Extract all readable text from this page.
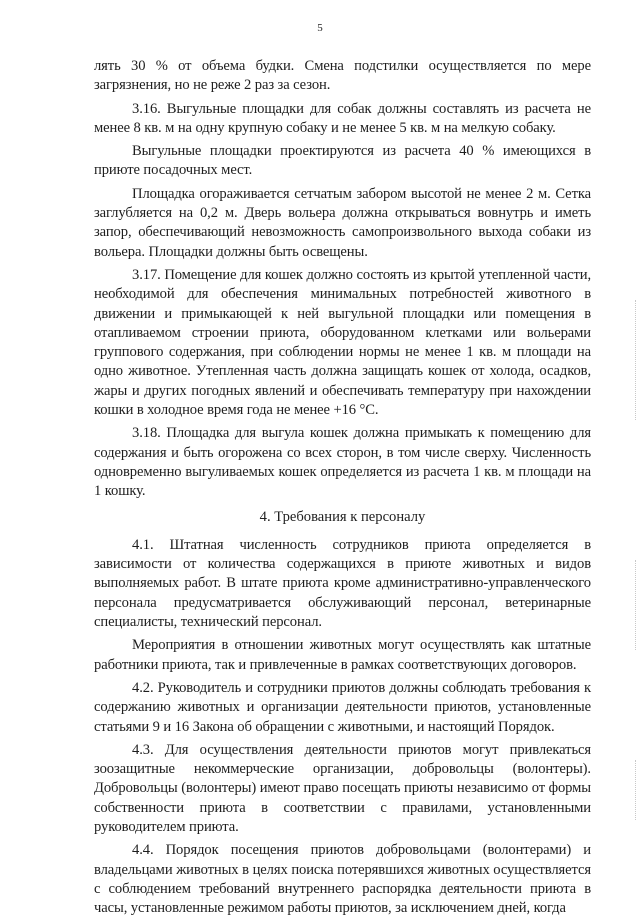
5

лять 30 % от объема будки. Смена подстилки осуществляется по мере загрязнения, но не реже 2 раз за сезон.

3.16. Выгульные площадки для собак должны составлять из расчета не менее 8 кв. м на одну крупную собаку и не менее 5 кв. м на мелкую собаку.

Выгульные площадки проектируются из расчета 40 % имеющихся в приюте посадочных мест.

Площадка огораживается сетчатым забором высотой не менее 2 м. Сетка заглубляется на 0,2 м. Дверь вольера должна открываться вовнутрь и иметь запор, обеспечивающий невозможность самопроизвольного выхода собаки из вольера. Площадки должны быть освещены.

3.17. Помещение для кошек должно состоять из крытой утепленной части, необходимой для обеспечения минимальных потребностей животного в движении и примыкающей к ней выгульной площадки или помещения в отапливаемом строении приюта, оборудованном клетками или вольерами группового содержания, при соблюдении нормы не менее 1 кв. м площади на одно животное. Утепленная часть должна защищать кошек от холода, осадков, жары и других погодных явлений и обеспечивать температуру при нахождении кошки в холодное время года не менее +16 °С.

3.18. Площадка для выгула кошек должна примыкать к помещению для содержания и быть огорожена со всех сторон, в том числе сверху. Численность одновременно выгуливаемых кошек определяется из расчета 1 кв. м площади на 1 кошку.

4. Требования к персоналу

4.1. Штатная численность сотрудников приюта определяется в зависимости от количества содержащихся в приюте животных и видов выполняемых работ. В штате приюта кроме административно-управленческого персонала предусматривается обслуживающий персонал, ветеринарные специалисты, технический персонал.

Мероприятия в отношении животных могут осуществлять как штатные работники приюта, так и привлеченные в рамках соответствующих договоров.

4.2. Руководитель и сотрудники приютов должны соблюдать требования к содержанию животных и организации деятельности приютов, установленные статьями 9 и 16 Закона об обращении с животными, и настоящий Порядок.

4.3. Для осуществления деятельности приютов могут привлекаться зоозащитные некоммерческие организации, добровольцы (волонтеры). Добровольцы (волонтеры) имеют право посещать приюты независимо от формы собственности приюта в соответствии с правилами, установленными руководителем приюта.

4.4. Порядок посещения приютов добровольцами (волонтерами) и владельцами животных в целях поиска потерявшихся животных осуществляется с соблюдением требований внутреннего распорядка деятельности приюта в часы, установленные режимом работы приютов, за исключением дней, когда
